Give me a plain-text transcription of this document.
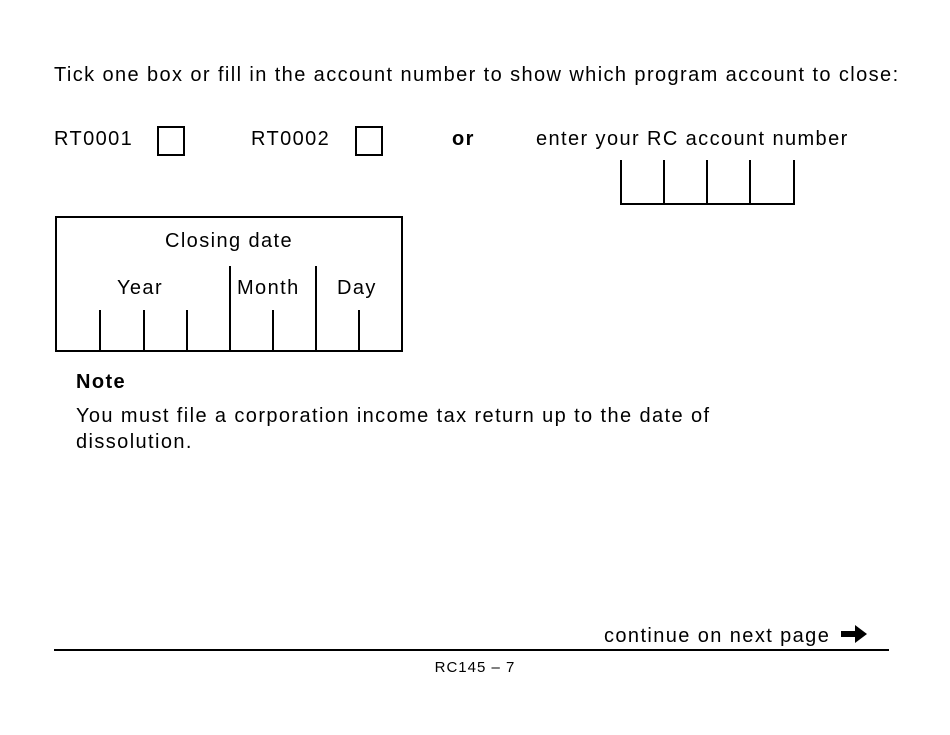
Tick one box or fill in the account number to show which program account to close:
RT0001	RT0002	or	enter your RC account number
Closing date
Year	Month Day
Note
You must file a corporation income tax return up to the date of dissolution.
continue on next page
RC145 – 7
